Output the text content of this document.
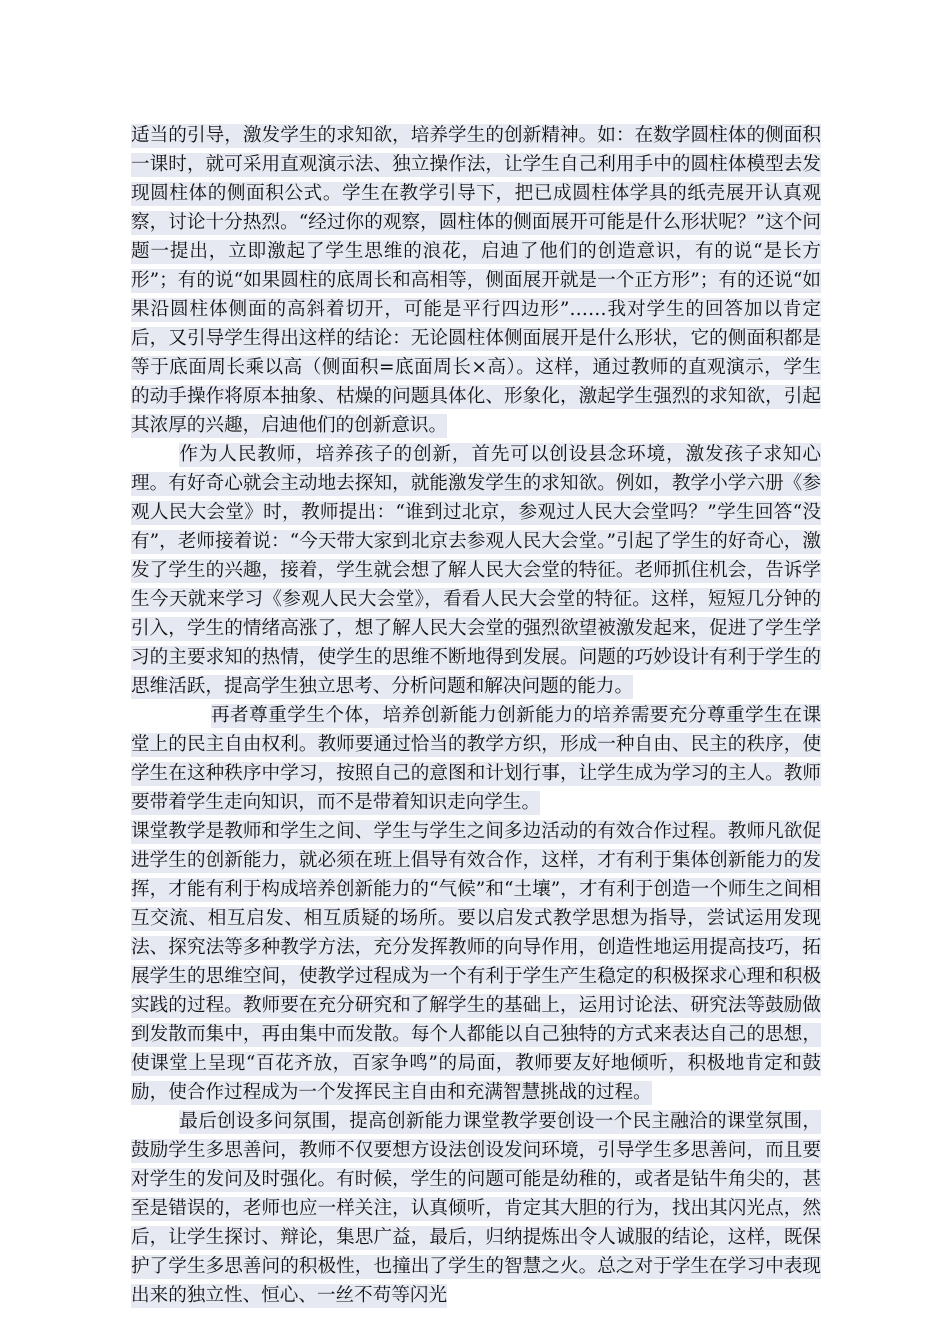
适当的引导，激发学生的求知欲，培养学生的创新精神。如：在数学圆柱体的侧面积一课时，就可采用直观演示法、独立操作法，让学生自己利用手中的圆柱体模型去发现圆柱体的侧面积公式。学生在教学引导下，把已成圆柱体学具的纸壳展开认真观察，讨论十分热烈。“经过你的观察，圆柱体的侧面展开可能是什么形状呢？”这个问题一提出，立即激起了学生思维的浪花，启迪了他们的创造意识，有的说“是长方形”；有的说“如果圆柱的底周长和高相等，侧面展开就是一个正方形”；有的还说“如果沿圆柱体侧面的高斜着切开，可能是平行四边形”……我对学生的回答加以肯定后，又引导学生得出这样的结论：无论圆柱体侧面展开是什么形状，它的侧面积都是等于底面周长乘以高（侧面积=底面周长×高）。这样，通过教师的直观演示，学生的动手操作将原本抽象、枯燥的问题具体化、形象化，激起学生强烈的求知欲，引起其浓厚的兴趣，启迪他们的创新意识。

作为人民教师，培养孩子的创新，首先可以创设县念环境，激发孩子求知心理。有好奇心就会主动地去探知，就能激发学生的求知欲。例如，教学小学六册《参观人民大会堂》时，教师提出：“谁到过北京，参观过人民大会堂吗？”学生回答“没有”，老师接着说：“今天带大家到北京去参观人民大会堂。”引起了学生的好奇心，激发了学生的兴趣，接着，学生就会想了解人民大会堂的特征。老师抓住机会，告诉学生今天就来学习《参观人民大会堂》，看看人民大会堂的特征。这样，短短几分钟的引入，学生的情绪高涨了，想了解人民大会堂的强烈欲望被激发起来，促进了学生学习的主要求知的热情，使学生的思维不断地得到发展。问题的巧妙设计有利于学生的思维活跃，提高学生独立思考、分析问题和解决问题的能力。

再者尊重学生个体，培养创新能力创新能力的培养需要充分尊重学生在课堂上的民主自由权利。教师要通过恰当的教学方织，形成一种自由、民主的秩序，使学生在这种秩序中学习，按照自己的意图和计划行事，让学生成为学习的主人。教师要带着学生走向知识，而不是带着知识走向学生。

课堂教学是教师和学生之间、学生与学生之间多边活动的有效合作过程。教师凡欲促进学生的创新能力，就必须在班上倡导有效合作，这样，才有利于集体创新能力的发挥，才能有利于构成培养创新能力的“气候”和“土壤”，才有利于创造一个师生之间相互交流、相互启发、相互质疑的场所。要以启发式教学思想为指导，尝试运用发现法、探究法等多种教学方法，充分发挥教师的向导作用，创造性地运用提高技巧，拓展学生的思维空间，使教学过程成为一个有利于学生产生稳定的积极探求心理和积极实践的过程。教师要在充分研究和了解学生的基础上，运用讨论法、研究法等鼓励做到发散而集中，再由集中而发散。每个人都能以自己独特的方式来表达自己的思想，使课堂上呈现“百花齐放，百家争鸣”的局面，教师要友好地倾听，积极地肯定和鼓励，使合作过程成为一个发挥民主自由和充满智慧挑战的过程。

最后创设多问氛围，提高创新能力课堂教学要创设一个民主融洽的课堂氛围，鼓励学生多思善问，教师不仅要想方设法创设发问环境，引导学生多思善问，而且要对学生的发问及时强化。有时候，学生的问题可能是幼稚的，或者是钻牛角尖的，甚至是错误的，老师也应一样关注，认真倾听，肯定其大胆的行为，找出其闪光点，然后，让学生探讨、辩论，集思广益，最后，归纳提炼出令人诚服的结论，这样，既保护了学生多思善问的积极性，也撞出了学生的智慧之火。总之对于学生在学习中表现出来的独立性、恒心、一丝不苟等闪光
